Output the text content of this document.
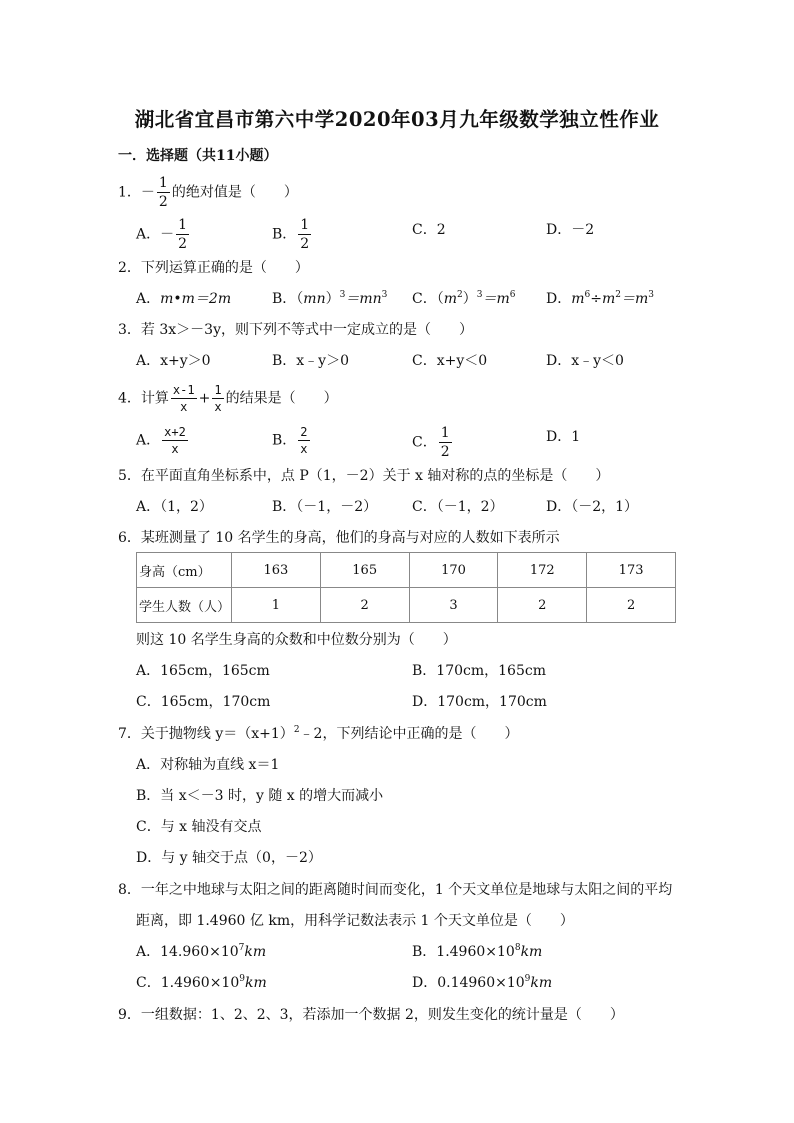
湖北省宜昌市第六中学2020年03月九年级数学独立性作业
一．选择题（共11小题）
1．－ $\frac{1}{2}$ 的绝对值是（　　）
A．－ $\frac{1}{2}$	B． $\frac{1}{2}$	C．2	D．－2
2．下列运算正确的是（　　）
A．m•m＝2m	B．$(mn)^3=mn^3$ C．$(m^2)^3=m^6$ D．$m^6\div m^2=m^3$
3．若 3x＞－3y，则下列不等式中一定成立的是（　　）
A．x+y＞0	B．x﹣y＞0	C．x+y＜0	D．x﹣y＜0
4．计算 $\frac{x-1}{x} + \frac{1}{x}$ 的结果是（　　）
A． $\frac{x+2}{x}$	B． $\frac{2}{x}$	C． $\frac{1}{2}$	D．1
5．在平面直角坐标系中，点 P（1，－2）关于 x 轴对称的点的坐标是（　　）
A．（1，2）	B．（－1，－2） C．（－1，2）	D．（－2，1）
6．某班测量了 10 名学生的身高，他们的身高与对应的人数如下表所示
身高（cm）	163	165	170	172	173
学生人数（人）	1	2	3	2	2
则这 10 名学生身高的众数和中位数分别为（　　）
A．165cm，165cm	B．170cm，165cm
C．165cm，170cm	D．170cm，170cm
7．关于抛物线 $y=(x+1)^2﹣2$，下列结论中正确的是（　　）
A．对称轴为直线 x＝1
B．当 x＜－3 时，y 随 x 的增大而减小
C．与 x 轴没有交点
D．与 y 轴交于点（0，－2）
8．一年之中地球与太阳之间的距离随时间而变化，1 个天文单位是地球与太阳之间的平均
距离，即 1.4960 亿 km，用科学记数法表示 1 个天文单位是（　　）
A．$14.960\times 10^7km$	B．$1.4960\times 10^8km$
C．$1.4960\times 10^9km$	D．$0.14960\times 10^9km$
9．一组数据：1、2、2、3，若添加一个数据 2，则发生变化的统计量是（　　）
